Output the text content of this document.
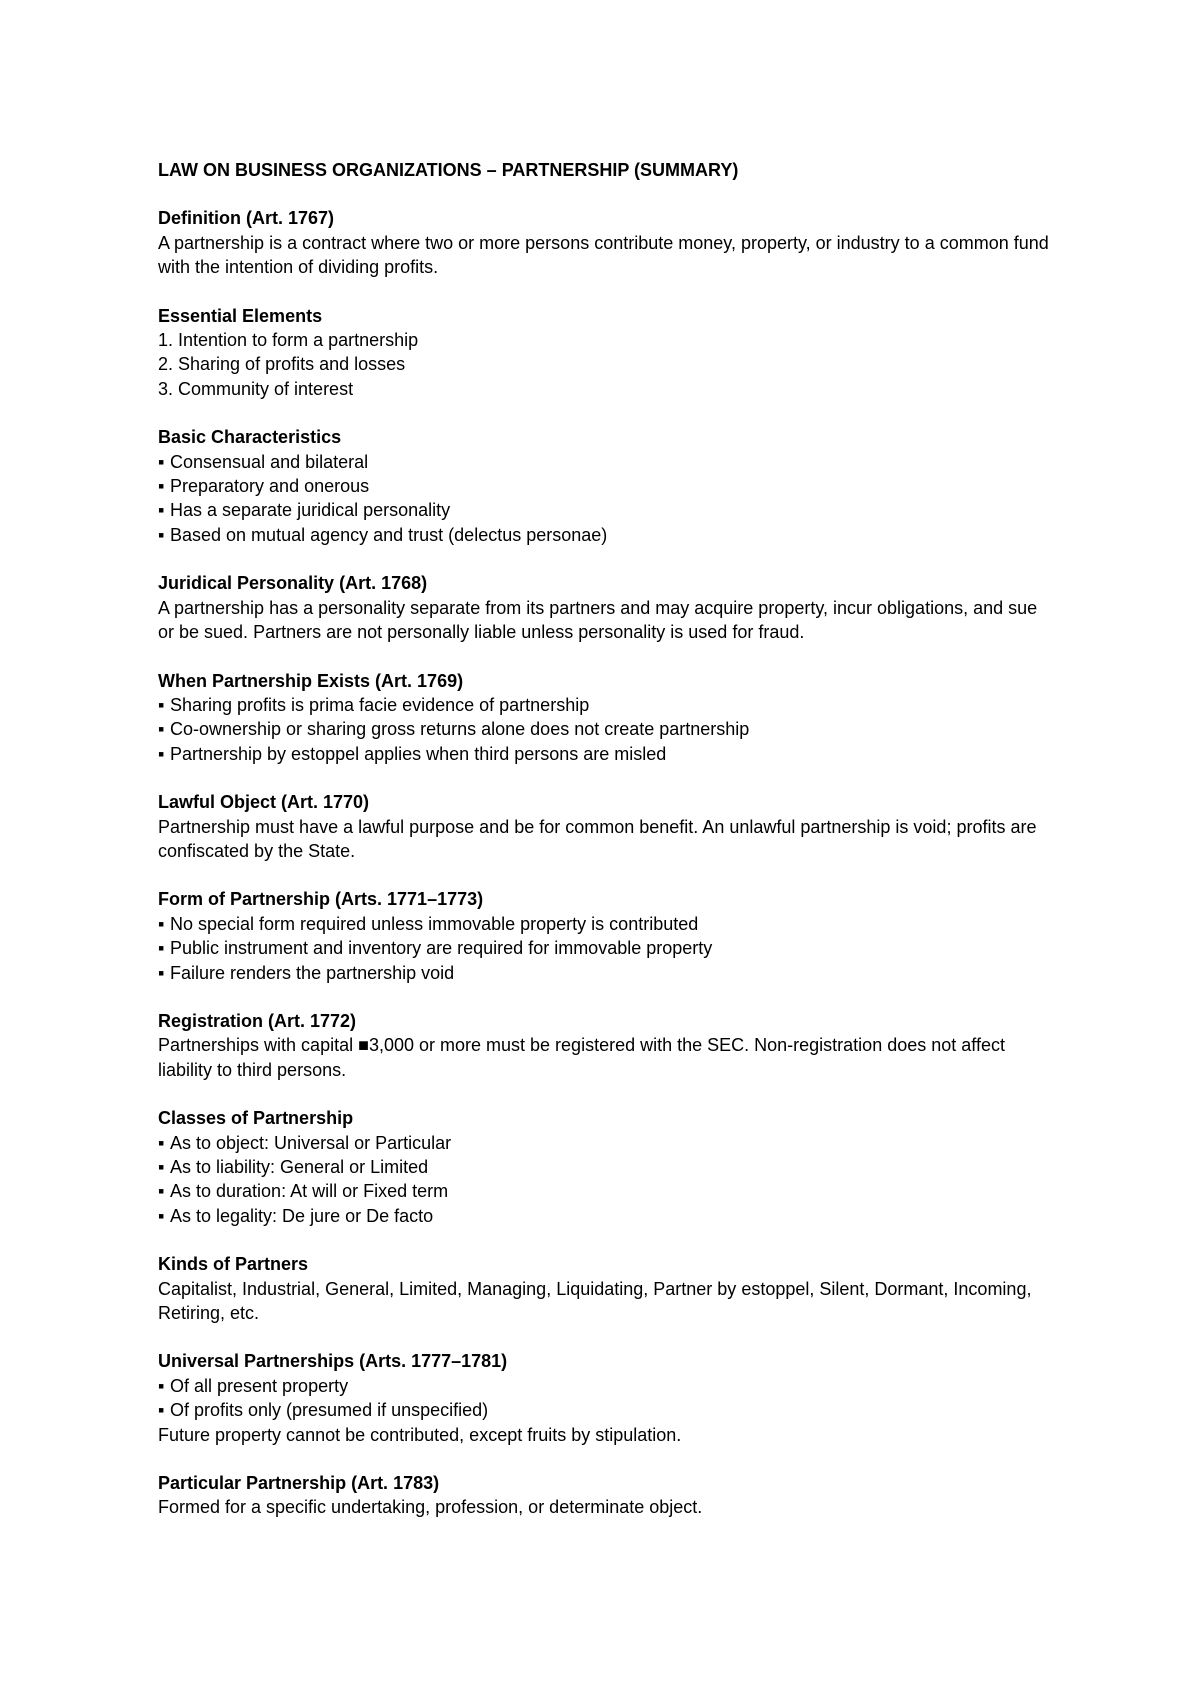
LAW ON BUSINESS ORGANIZATIONS – PARTNERSHIP (SUMMARY)
Definition (Art. 1767)

A partnership is a contract where two or more persons contribute money, property, or industry to a common fund with the intention of dividing profits.

Essential Elements
1. Intention to form a partnership
2. Sharing of profits and losses
3. Community of interest
Basic Characteristics
▪ Consensual and bilateral
▪ Preparatory and onerous
▪ Has a separate juridical personality
▪ Based on mutual agency and trust (delectus personae)
Juridical Personality (Art. 1768)

A partnership has a personality separate from its partners and may acquire property, incur obligations, and sue or be sued. Partners are not personally liable unless personality is used for fraud.

When Partnership Exists (Art. 1769)
▪ Sharing profits is prima facie evidence of partnership
▪ Co-ownership or sharing gross returns alone does not create partnership
▪ Partnership by estoppel applies when third persons are misled
Lawful Object (Art. 1770)

Partnership must have a lawful purpose and be for common benefit. An unlawful partnership is void; profits are confiscated by the State.

Form of Partnership (Arts. 1771–1773)
▪ No special form required unless immovable property is contributed
▪ Public instrument and inventory are required for immovable property
▪ Failure renders the partnership void
Registration (Art. 1772)

Partnerships with capital ■3,000 or more must be registered with the SEC. Non-registration does not affect liability to third persons.

Classes of Partnership
▪ As to object: Universal or Particular
▪ As to liability: General or Limited
▪ As to duration: At will or Fixed term
▪ As to legality: De jure or De facto
Kinds of Partners

Capitalist, Industrial, General, Limited, Managing, Liquidating, Partner by estoppel, Silent, Dormant, Incoming, Retiring, etc.

Universal Partnerships (Arts. 1777–1781)
▪ Of all present property
▪ Of profits only (presumed if unspecified)

Future property cannot be contributed, except fruits by stipulation.

Particular Partnership (Art. 1783)

Formed for a specific undertaking, profession, or determinate object.
